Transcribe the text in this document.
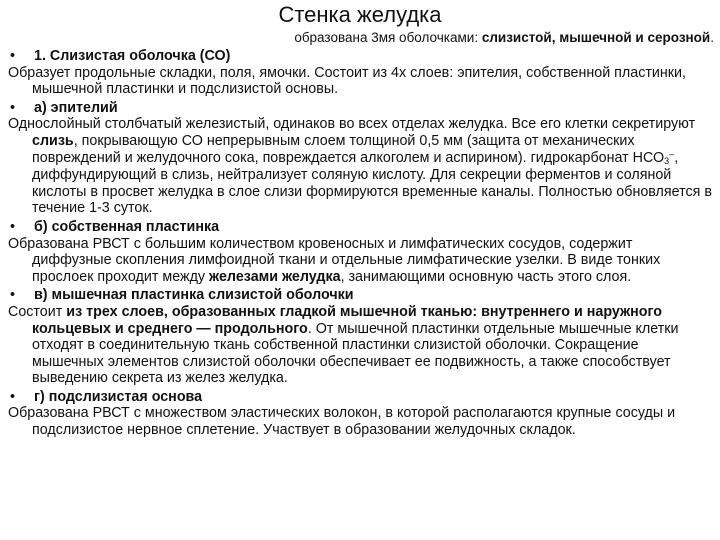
Стенка желудка
образована 3мя оболочками: слизистой, мышечной и серозной.
•	1. Слизистая оболочка (СО)

Образует продольные складки, поля, ямочки. Состоит из 4х слоев: эпителия, собственной пластинки, мышечной пластинки и подслизистой основы.

•	а) эпителий

Однослойный столбчатый железистый, одинаков во всех отделах желудка. Все его клетки секретируют слизь, покрывающую СО непрерывным слоем толщиной 0,5 мм (защита от механических повреждений и желудочного сока, повреждается алкоголем и аспирином). гидрокарбонат $НСО_3^-$, диффундирующий в слизь, нейтрализует соляную кислоту. Для секреции ферментов и соляной кислоты в просвет желудка в слое слизи формируются временные каналы. Полностью обновляется в течение 1-3 суток.

•	б) собственная пластинка

Образована РВСТ с большим количеством кровеносных и лимфатических сосудов, содержит диффузные скопления лимфоидной ткани и отдельные лимфатические узелки. В виде тонких прослоек проходит между железами желудка, занимающими основную часть этого слоя.

•	в) мышечная пластинка слизистой оболочки

Состоит из трех слоев, образованных гладкой мышечной тканью: внутреннего и наружного кольцевых и среднего — продольного. От мышечной пластинки отдельные мышечные клетки отходят в соединительную ткань собственной пластинки слизистой оболочки. Сокращение мышечных элементов слизистой оболочки обеспечивает ее подвижность, а также способствует выведению секрета из желез желудка.

•	г) подслизистая основа

Образована РВСТ с множеством эластических волокон, в которой располагаются крупные сосуды и подслизистое нервное сплетение. Участвует в образовании желудочных складок.
